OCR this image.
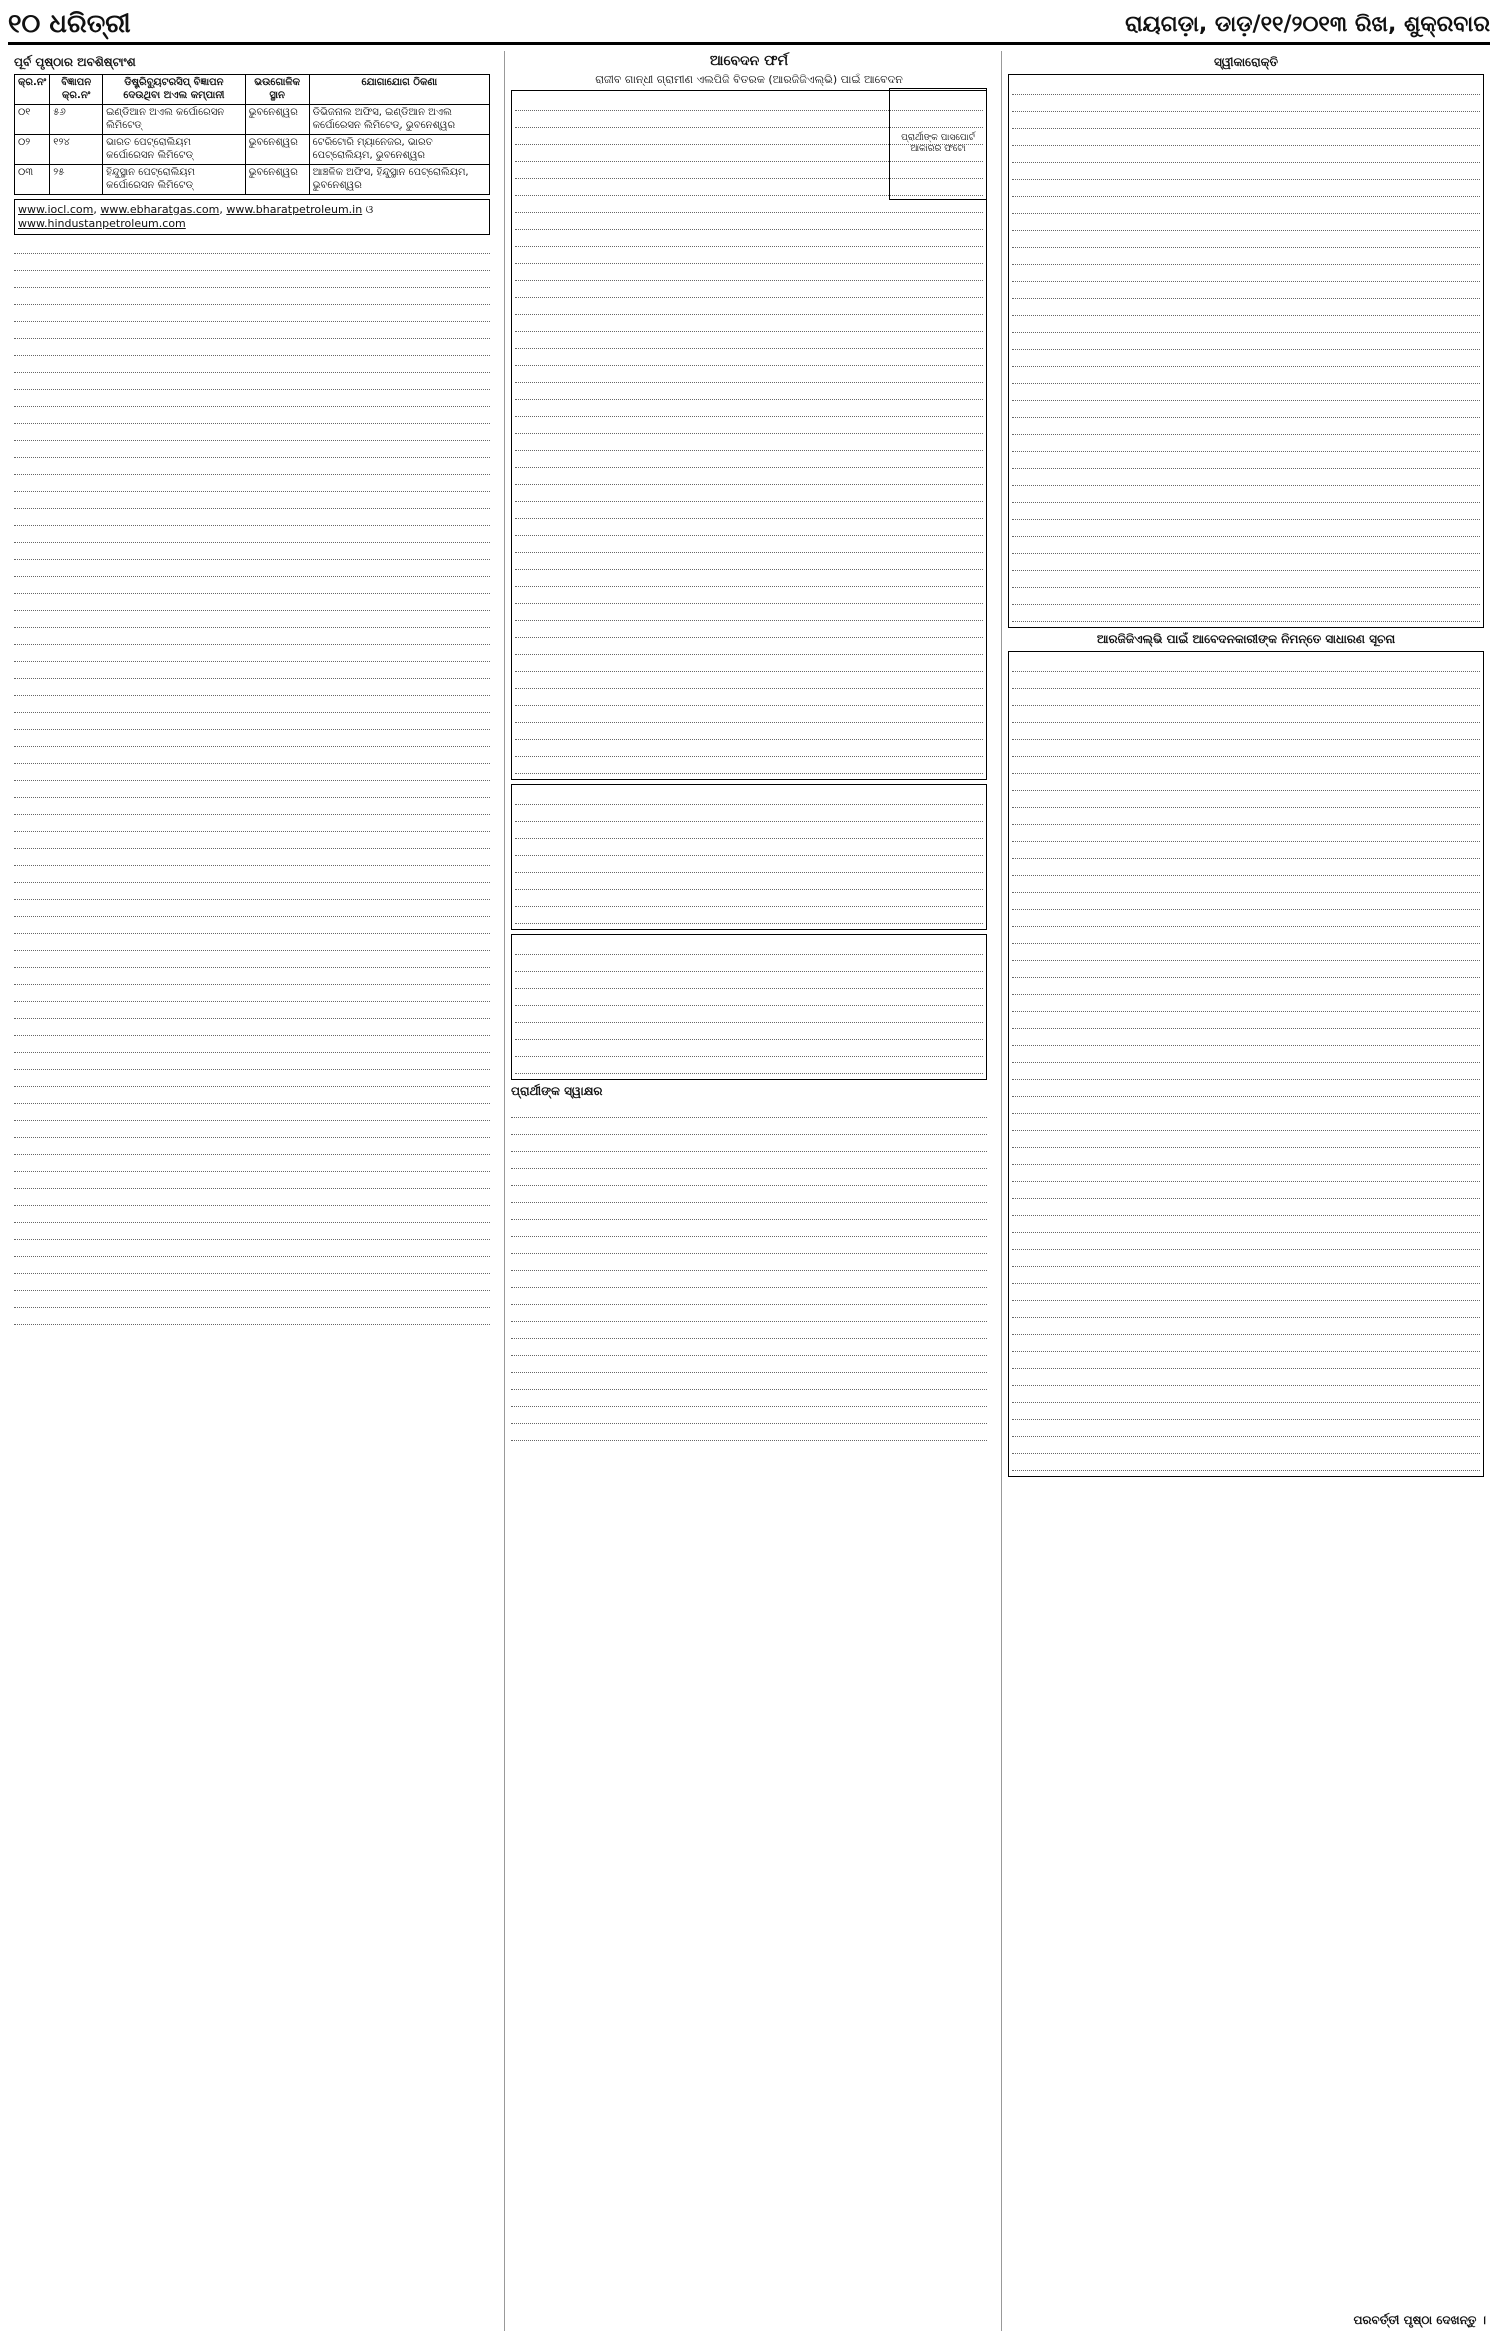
୧୦ ଧରିତ୍ରୀ	ରାୟଗଡ଼ା, ଡାଡ଼/୧୧/୨୦୧୩ ରିଖ, ଶୁକ୍ରବାର
ପୂର୍ବ ପୃଷ୍ଠାର ଅବଶିଷ୍ଟାଂଶ
କ୍ର.ନଂ	ବିଜ୍ଞାପନ କ୍ର.ନଂ	ଡିଷ୍ଟ୍ରିବ୍ୟୁଟରସିପ୍ ବିଜ୍ଞାପନ ଦେଉଥିବା ଅଏଲ କମ୍ପାନୀ	ଭଉଗୋଳିକ ସ୍ଥାନ	ଯୋଗାଯୋଗ ଠିକଣା
୦୧	୫୬	ଇଣ୍ଡିଆନ ଅଏଲ କର୍ପୋରେସନ ଲିମିଟେଡ୍	ଭୁବନେଶ୍ୱର	ଡିଭିଜନାଲ ଅଫିସ, ଇଣ୍ଡିଆନ ଅଏଲ କର୍ପୋରେସନ ଲିମିଟେଡ୍, ଭୁବନେଶ୍ୱର
୦୨	୧୨୪	ଭାରତ ପେଟ୍ରୋଲିୟମ କର୍ପୋରେସନ ଲିମିଟେଡ୍	ଭୁବନେଶ୍ୱର	ଟେରିଟୋରି ମ୍ୟାନେଜର, ଭାରତ ପେଟ୍ରୋଲିୟମ, ଭୁବନେଶ୍ୱର
୦୩	୨୫	ହିନ୍ଦୁସ୍ଥାନ ପେଟ୍ରୋଲିୟମ କର୍ପୋରେସନ ଲିମିଟେଡ୍	ଭୁବନେଶ୍ୱର	ଆଞ୍ଚଳିକ ଅଫିସ, ହିନ୍ଦୁସ୍ଥାନ ପେଟ୍ରୋଲିୟମ, ଭୁବନେଶ୍ୱର
www.iocl.com, www.ebharatgas.com, www.bharatpetroleum.in ଓ www.hindustanpetroleum.com
ଆବେଦନ ଫର୍ମ
ରାଜୀବ ଗାନ୍ଧୀ ଗ୍ରାମୀଣ ଏଲପିଜି ବିତରକ (ଆରଜିଜିଏଲ୍‌ଭି) ପାଇଁ ଆବେଦନ
ପ୍ରାର୍ଥୀଙ୍କ ପାସପୋର୍ଟ ଆକାରର ଫଟୋ
ପ୍ରାର୍ଥୀଙ୍କ ସ୍ୱାକ୍ଷର
ସ୍ୱୀକାରୋକ୍ତି
ଆରଜିଜିଏଲ୍‌ଭି ପାଇଁ ଆବେଦନକାରୀଙ୍କ ନିମନ୍ତେ ସାଧାରଣ ସୂଚନା
ପରବର୍ତ୍ତୀ ପୃଷ୍ଠା ଦେଖନ୍ତୁ ।
